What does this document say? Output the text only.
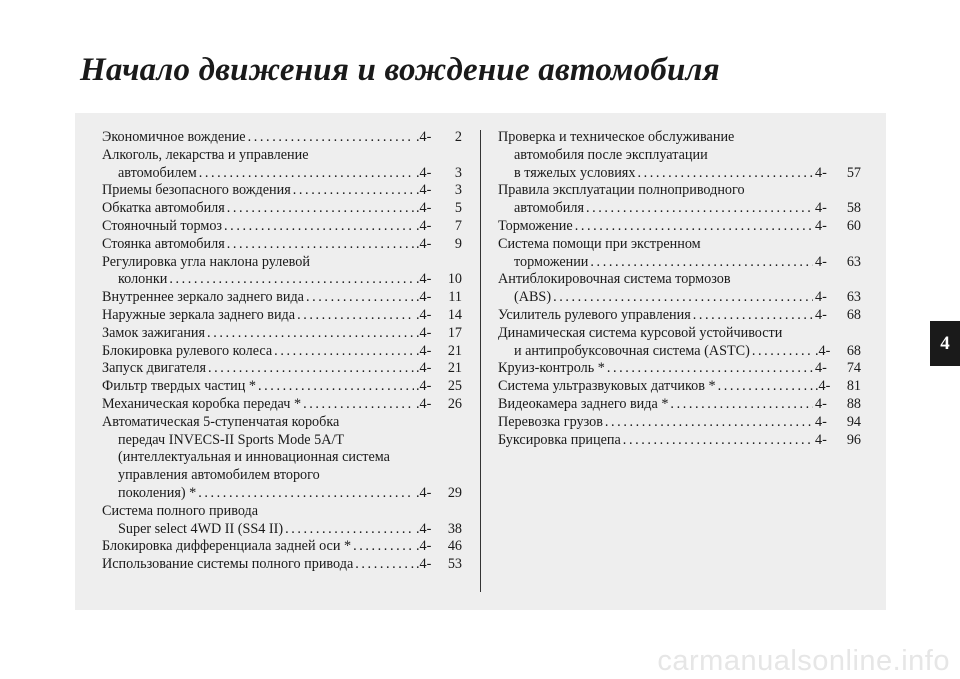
Начало движения и вождение автомобиля
Экономичное вождение .....	.4-	2
Алкоголь, лекарства и управление
автомобилем .....	.4-	3
Приемы безопасного вождения .....	.4-	3
Обкатка автомобиля .....	.4-	5
Стояночный тормоз .....	.4-	7
Стоянка автомобиля .....	.4-	9
Регулировка угла наклона рулевой
колонки .....	.4-	10
Внутреннее зеркало заднего вида .....	.4-	11
Наружные зеркала заднего вида .....	.4-	14
Замок зажигания .....	.4-	17
Блокировка рулевого колеса .....	.4-	21
Запуск двигателя .....	.4-	21
Фильтр твердых частиц * .....	.4-	25
Механическая коробка передач * .....	.4-	26
Автоматическая 5-ступенчатая коробка
передач INVECS-II Sports Mode 5A/T
(интеллектуальная и инновационная система
управления автомобилем второго
поколения) * .....	.4-	29
Система полного привода
Super select 4WD II (SS4 II) .....	.4-	38
Блокировка дифференциала задней оси * .....	.4-	46
Использование системы полного привода .....	.4-	53
Проверка и техническое обслуживание
автомобиля после эксплуатации
в тяжелых условиях .....	4-	57
Правила эксплуатации полноприводного
автомобиля .....	4-	58
Торможение .....	4-	60
Система помощи при экстренном
торможении .....	4-	63
Антиблокировочная система тормозов
(ABS) .....	4-	63
Усилитель рулевого управления .....	4-	68
Динамическая система курсовой устойчивости
и антипробуксовочная система (ASTC) .....	.4-	68
Круиз-контроль * .....	4-	74
Система ультразвуковых датчиков * .....	.4-	81
Видеокамера заднего вида * .....	4-	88
Перевозка грузов .....	4-	94
Буксировка прицепа .....	4-	96
4
carmanualsonline.info
